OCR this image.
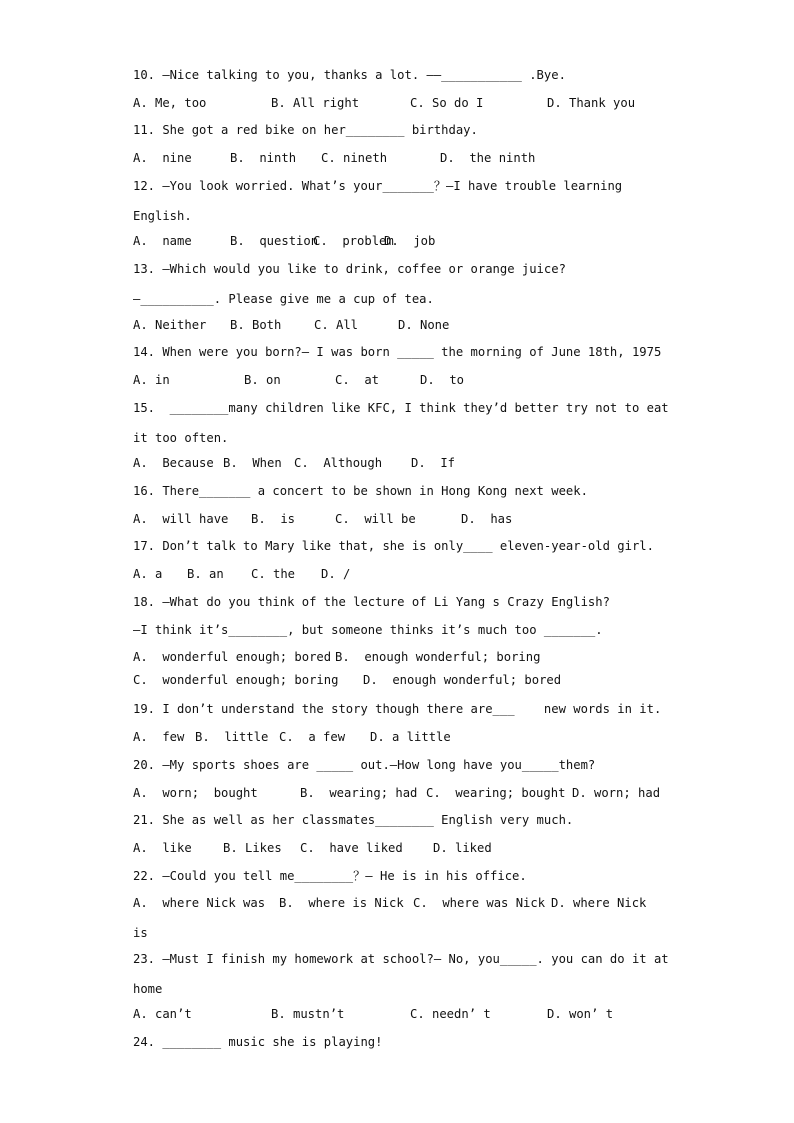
10. —Nice talking to you, thanks a lot. ——___________ .Bye.
A. Me, too	B. All right	C. So do I	D. Thank you
11. She got a red bike on her________ birthday.
A.  nine	B.  ninth C. nineth	D.  the ninth
12. —You look worried. What’s your_______？—I have trouble learning
English.
A.  name	B.  question
C.  problem
D.  job
13. —Which would you like to drink, coffee or orange juice?
—__________. Please give me a cup of tea.
A. Neither B. Both	C. All	D. None
14. When were you born?— I was born _____ the morning of June 18th, 1975
A. in	B. on	C.  at	D.  to
15.  ________many children like KFC, I think they’d better try not to eat
it too often.
A.  Because B.  When C.  Although D.  If
16. There_______ a concert to be shown in Hong Kong next week.
A.  will have B.  is	C.  will be	D.  has
17. Don’t talk to Mary like that, she is only____ eleven-year-old girl.
A. a B. an C. the D. /
18. —What do you think of the lecture of Li Yang s Crazy English?
—I think it’s________, but someone thinks it’s much too _______.
A.  wonderful enough; bored B.  enough wonderful; boring
C.  wonderful enough; boring D.  enough wonderful; bored
19. I don’t understand the story though there are___    new words in it.
A.  few B.  little C.  a few D. a little
20. —My sports shoes are _____ out.—How long have you_____them?
A.  worn;  bought	B.  wearing; had C.  wearing; bought D. worn; had
21. She as well as her classmates________ English very much.
A.  like	B. Likes C.  have liked D. liked
22. —Could you tell me________？— He is in his office.
A.  where Nick was B.  where is Nick C.  where was Nick D. where Nick
is
23. —Must I finish my homework at school?— No, you_____. you can do it at
home
A. can’t	B. mustn’t	C. needn’ t	D. won’ t
24. ________ music she is playing!
